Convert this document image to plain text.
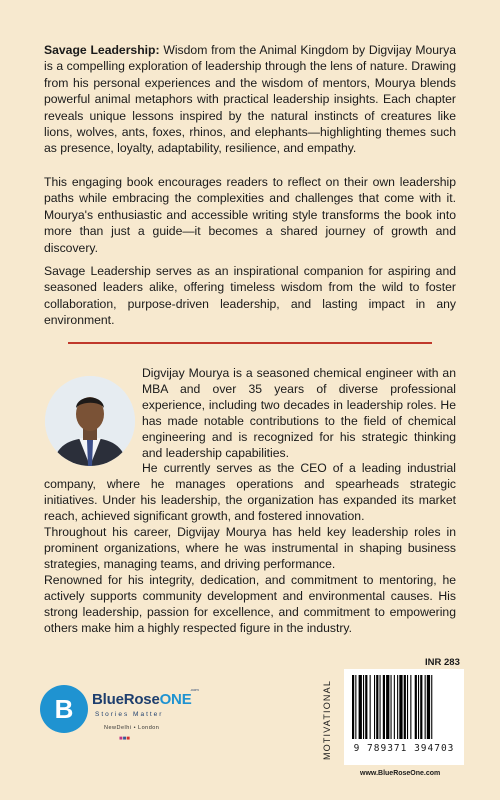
Savage Leadership: Wisdom from the Animal Kingdom by Digvijay Mourya is a compelling exploration of leadership through the lens of nature. Drawing from his personal experiences and the wisdom of mentors, Mourya blends powerful animal metaphors with practical leadership insights. Each chapter reveals unique lessons inspired by the natural instincts of creatures like lions, wolves, ants, foxes, rhinos, and elephants—highlighting themes such as presence, loyalty, adaptability, resilience, and empathy.
This engaging book encourages readers to reflect on their own leadership paths while embracing the complexities and challenges that come with it. Mourya's enthusiastic and accessible writing style transforms the book into more than just a guide—it becomes a shared journey of growth and discovery.
Savage Leadership serves as an inspirational companion for aspiring and seasoned leaders alike, offering timeless wisdom from the wild to foster collaboration, purpose-driven leadership, and lasting impact in any environment.

Digvijay Mourya is a seasoned chemical engineer with an MBA and over 35 years of diverse professional experience, including two decades in leadership roles. He has made notable contributions to the field of chemical engineering and is recognized for his strategic thinking and leadership capabilities.

He currently serves as the CEO of a leading industrial company, where he manages operations and spearheads strategic initiatives. Under his leadership, the organization has expanded its market reach, achieved significant growth, and fostered innovation.

Throughout his career, Digvijay Mourya has held key leadership roles in prominent organizations, where he was instrumental in shaping business strategies, managing teams, and driving performance.

Renowned for his integrity, dedication, and commitment to mentoring, he actively supports community development and environmental causes. His strong leadership, passion for excellence, and commitment to empowering others make him a highly respected figure in the industry.

B	BlueRoseONE
.com
Stories Matter
NewDelhi • London
■■■
INR 283
MOTIVATIONAL	9 789371 394703
www.BlueRoseOne.com
